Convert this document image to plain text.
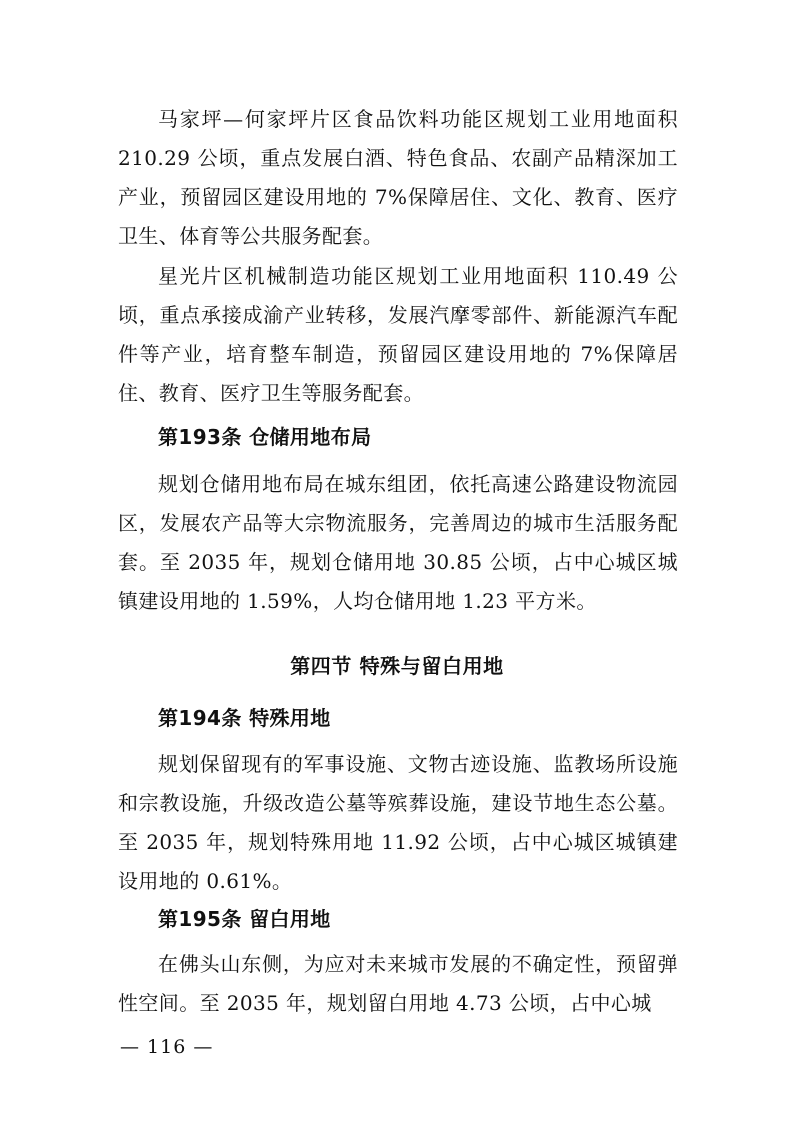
马家坪—何家坪片区食品饮料功能区规划工业用地面积 210.29 公顷，重点发展白酒、特色食品、农副产品精深加工产业，预留园区建设用地的 7%保障居住、文化、教育、医疗卫生、体育等公共服务配套。

星光片区机械制造功能区规划工业用地面积 110.49 公顷，重点承接成渝产业转移，发展汽摩零部件、新能源汽车配件等产业，培育整车制造，预留园区建设用地的 7%保障居住、教育、医疗卫生等服务配套。

第193条 仓储用地布局

规划仓储用地布局在城东组团，依托高速公路建设物流园区，发展农产品等大宗物流服务，完善周边的城市生活服务配套。至 2035 年，规划仓储用地 30.85 公顷，占中心城区城镇建设用地的 1.59%，人均仓储用地 1.23 平方米。

第四节 特殊与留白用地
第194条 特殊用地

规划保留现有的军事设施、文物古迹设施、监教场所设施和宗教设施，升级改造公墓等殡葬设施，建设节地生态公墓。至 2035 年，规划特殊用地 11.92 公顷，占中心城区城镇建设用地的 0.61%。

第195条 留白用地

在佛头山东侧，为应对未来城市发展的不确定性，预留弹性空间。至 2035 年，规划留白用地 4.73 公顷，占中心城

— 116 —
